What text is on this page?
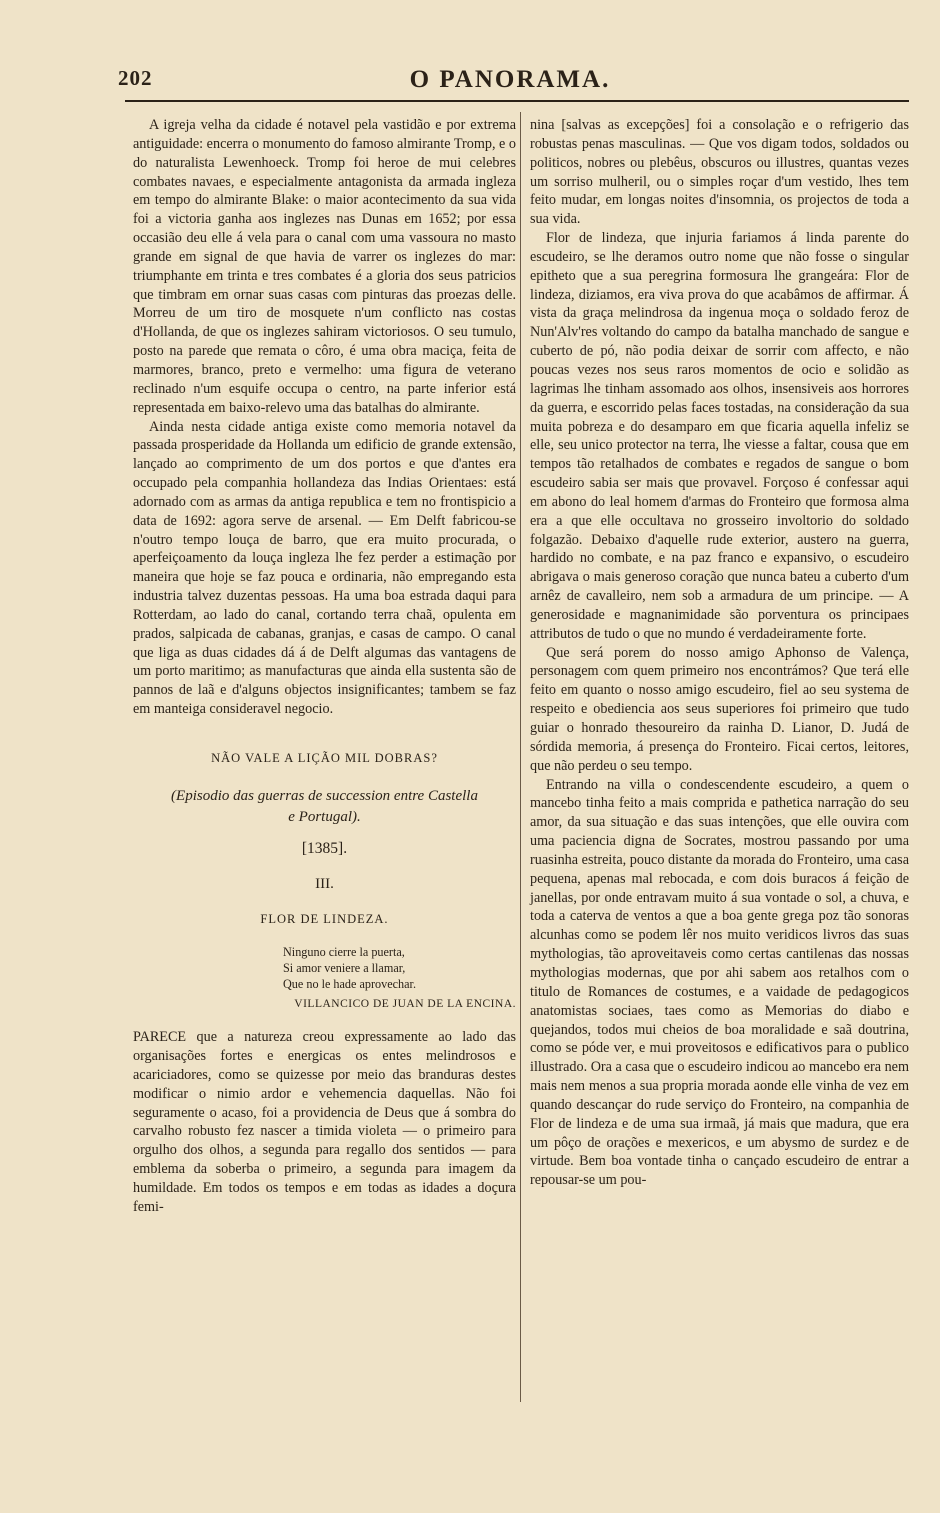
202	O PANORAMA.

A igreja velha da cidade é notavel pela vastidão e por extrema antiguidade: encerra o monumento do famoso almirante Tromp, e o do naturalista Lewenhoeck. Tromp foi heroe de mui celebres combates navaes, e especialmente antagonista da armada ingleza em tempo do almirante Blake: o maior acontecimento da sua vida foi a victoria ganha aos inglezes nas Dunas em 1652; por essa occasião deu elle á vela para o canal com uma vassoura no masto grande em signal de que havia de varrer os inglezes do mar: triumphante em trinta e tres combates é a gloria dos seus patricios que timbram em ornar suas casas com pinturas das proezas delle. Morreu de um tiro de mosquete n'um conflicto nas costas d'Hollanda, de que os inglezes sahiram victoriosos. O seu tumulo, posto na parede que remata o côro, é uma obra maciça, feita de marmores, branco, preto e vermelho: uma figura de veterano reclinado n'um esquife occupa o centro, na parte inferior está representada em baixo-relevo uma das batalhas do almirante.

Ainda nesta cidade antiga existe como memoria notavel da passada prosperidade da Hollanda um edificio de grande extensão, lançado ao comprimento de um dos portos e que d'antes era occupado pela companhia hollandeza das Indias Orientaes: está adornado com as armas da antiga republica e tem no frontispicio a data de 1692: agora serve de arsenal. — Em Delft fabricou-se n'outro tempo louça de barro, que era muito procurada, o aperfeiçoamento da louça ingleza lhe fez perder a estimação por maneira que hoje se faz pouca e ordinaria, não empregando esta industria talvez duzentas pessoas. Ha uma boa estrada daqui para Rotterdam, ao lado do canal, cortando terra chaã, opulenta em prados, salpicada de cabanas, granjas, e casas de campo. O canal que liga as duas cidades dá á de Delft algumas das vantagens de um porto maritimo; as manufacturas que ainda ella sustenta são de pannos de laã e d'alguns objectos insignificantes; tambem se faz em manteiga consideravel negocio.

NÃO VALE A LIÇÃO MIL DOBRAS?
(Episodio das guerras de succession entre Castella
e Portugal).
[1385].
III.
FLOR DE LINDEZA.
Ninguno cierre la puerta,
Si amor veniere a llamar,
Que no le hade aprovechar.
VILLANCICO DE JUAN DE LA ENCINA.

PARECE que a natureza creou expressamente ao lado das organisações fortes e energicas os entes melindrosos e acariciadores, como se quizesse por meio das branduras destes modificar o nimio ardor e vehemencia daquellas. Não foi seguramente o acaso, foi a providencia de Deus que á sombra do carvalho robusto fez nascer a timida violeta — o primeiro para orgulho dos olhos, a segunda para regallo dos sentidos — para emblema da soberba o primeiro, a segunda para imagem da humildade. Em todos os tempos e em todas as idades a doçura femi-

nina [salvas as excepções] foi a consolação e o refrigerio das robustas penas masculinas. — Que vos digam todos, soldados ou politicos, nobres ou plebêus, obscuros ou illustres, quantas vezes um sorriso mulheril, ou o simples roçar d'um vestido, lhes tem feito mudar, em longas noites d'insomnia, os projectos de toda a sua vida.

Flor de lindeza, que injuria fariamos á linda parente do escudeiro, se lhe deramos outro nome que não fosse o singular epitheto que a sua peregrina formosura lhe grangeára: Flor de lindeza, diziamos, era viva prova do que acabâmos de affirmar. Á vista da graça melindrosa da ingenua moça o soldado feroz de Nun'Alv'res voltando do campo da batalha manchado de sangue e cuberto de pó, não podia deixar de sorrir com affecto, e não poucas vezes nos seus raros momentos de ocio e solidão as lagrimas lhe tinham assomado aos olhos, insensiveis aos horrores da guerra, e escorrido pelas faces tostadas, na consideração da sua muita pobreza e do desamparo em que ficaria aquella infeliz se elle, seu unico protector na terra, lhe viesse a faltar, cousa que em tempos tão retalhados de combates e regados de sangue o bom escudeiro sabia ser mais que provavel. Forçoso é confessar aqui em abono do leal homem d'armas do Fronteiro que formosa alma era a que elle occultava no grosseiro involtorio do soldado folgazão. Debaixo d'aquelle rude exterior, austero na guerra, hardido no combate, e na paz franco e expansivo, o escudeiro abrigava o mais generoso coração que nunca bateu a cuberto d'um arnêz de cavalleiro, nem sob a armadura de um principe. — A generosidade e magnanimidade são porventura os principaes attributos de tudo o que no mundo é verdadeiramente forte.

Que será porem do nosso amigo Aphonso de Valença, personagem com quem primeiro nos encontrámos? Que terá elle feito em quanto o nosso amigo escudeiro, fiel ao seu systema de respeito e obediencia aos seus superiores foi primeiro que tudo guiar o honrado thesoureiro da rainha D. Lianor, D. Judá de sórdida memoria, á presença do Fronteiro. Ficai certos, leitores, que não perdeu o seu tempo.

Entrando na villa o condescendente escudeiro, a quem o mancebo tinha feito a mais comprida e pathetica narração do seu amor, da sua situação e das suas intenções, que elle ouvira com uma paciencia digna de Socrates, mostrou passando por uma ruasinha estreita, pouco distante da morada do Fronteiro, uma casa pequena, apenas mal rebocada, e com dois buracos á feição de janellas, por onde entravam muito á sua vontade o sol, a chuva, e toda a caterva de ventos a que a boa gente grega poz tão sonoras alcunhas como se podem lêr nos muito veridicos livros das suas mythologias, tão aproveitaveis como certas cantilenas das nossas mythologias modernas, que por ahi sabem aos retalhos com o titulo de Romances de costumes, e a vaidade de pedagogicos anatomistas sociaes, taes como as Memorias do diabo e quejandos, todos mui cheios de boa moralidade e saã doutrina, como se póde ver, e mui proveitosos e edificativos para o publico illustrado. Ora a casa que o escudeiro indicou ao mancebo era nem mais nem menos a sua propria morada aonde elle vinha de vez em quando descançar do rude serviço do Fronteiro, na companhia de Flor de lindeza e de uma sua irmaã, já mais que madura, que era um pôço de orações e mexericos, e um abysmo de surdez e de virtude. Bem boa vontade tinha o cançado escudeiro de entrar a repousar-se um pou-
